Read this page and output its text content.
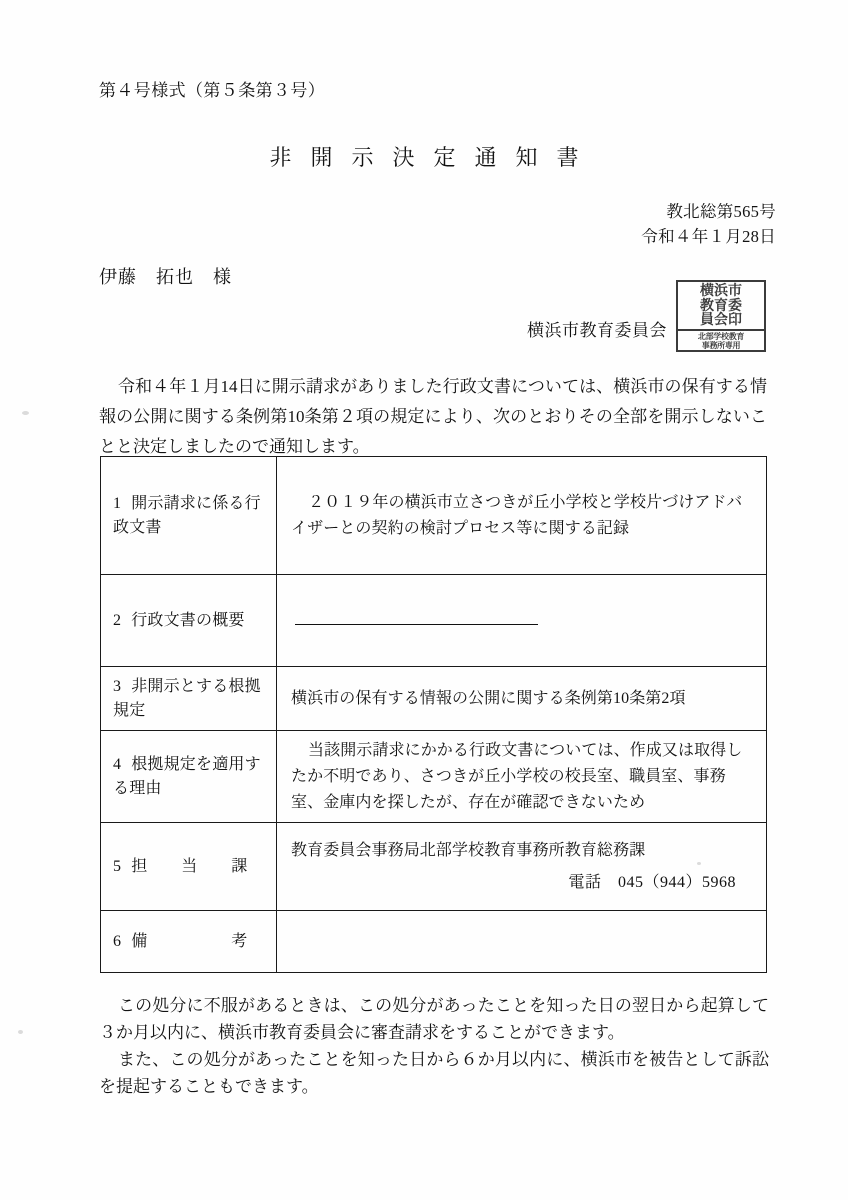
第４号様式（第５条第３号）
非開示決定通知書
教北総第565号
令和４年１月28日
伊藤　拓也　様
横浜市教育委員会
横浜市
教育委
員会印
北部学校教育
事務所専用
令和４年１月14日に開示請求がありました行政文書については、横浜市の保有する情報の公開に関する条例第10条第２項の規定により、次のとおりその全部を開示しないことと決定しましたので通知します。
1 開示請求に係る行政文書	２０１９年の横浜市立さつきが丘小学校と学校片づけアドバイザーとの契約の検討プロセス等に関する記録

2 行政文書の概要	
3 非開示とする根拠規定	横浜市の保有する情報の公開に関する条例第10条第2項
4 根拠規定を適用する理由	当該開示請求にかかる行政文書については、作成又は取得したか不明であり、さつきが丘小学校の校長室、職員室、事務室、金庫内を探したが、存在が確認できないため

5 担　当　課	教育委員会事務局北部学校教育事務所教育総務課
電話　045（944）5968

6 備　　　考	

この処分に不服があるときは、この処分があったことを知った日の翌日から起算して３か月以内に、横浜市教育委員会に審査請求をすることができます。

また、この処分があったことを知った日から６か月以内に、横浜市を被告として訴訟を提起することもできます。
